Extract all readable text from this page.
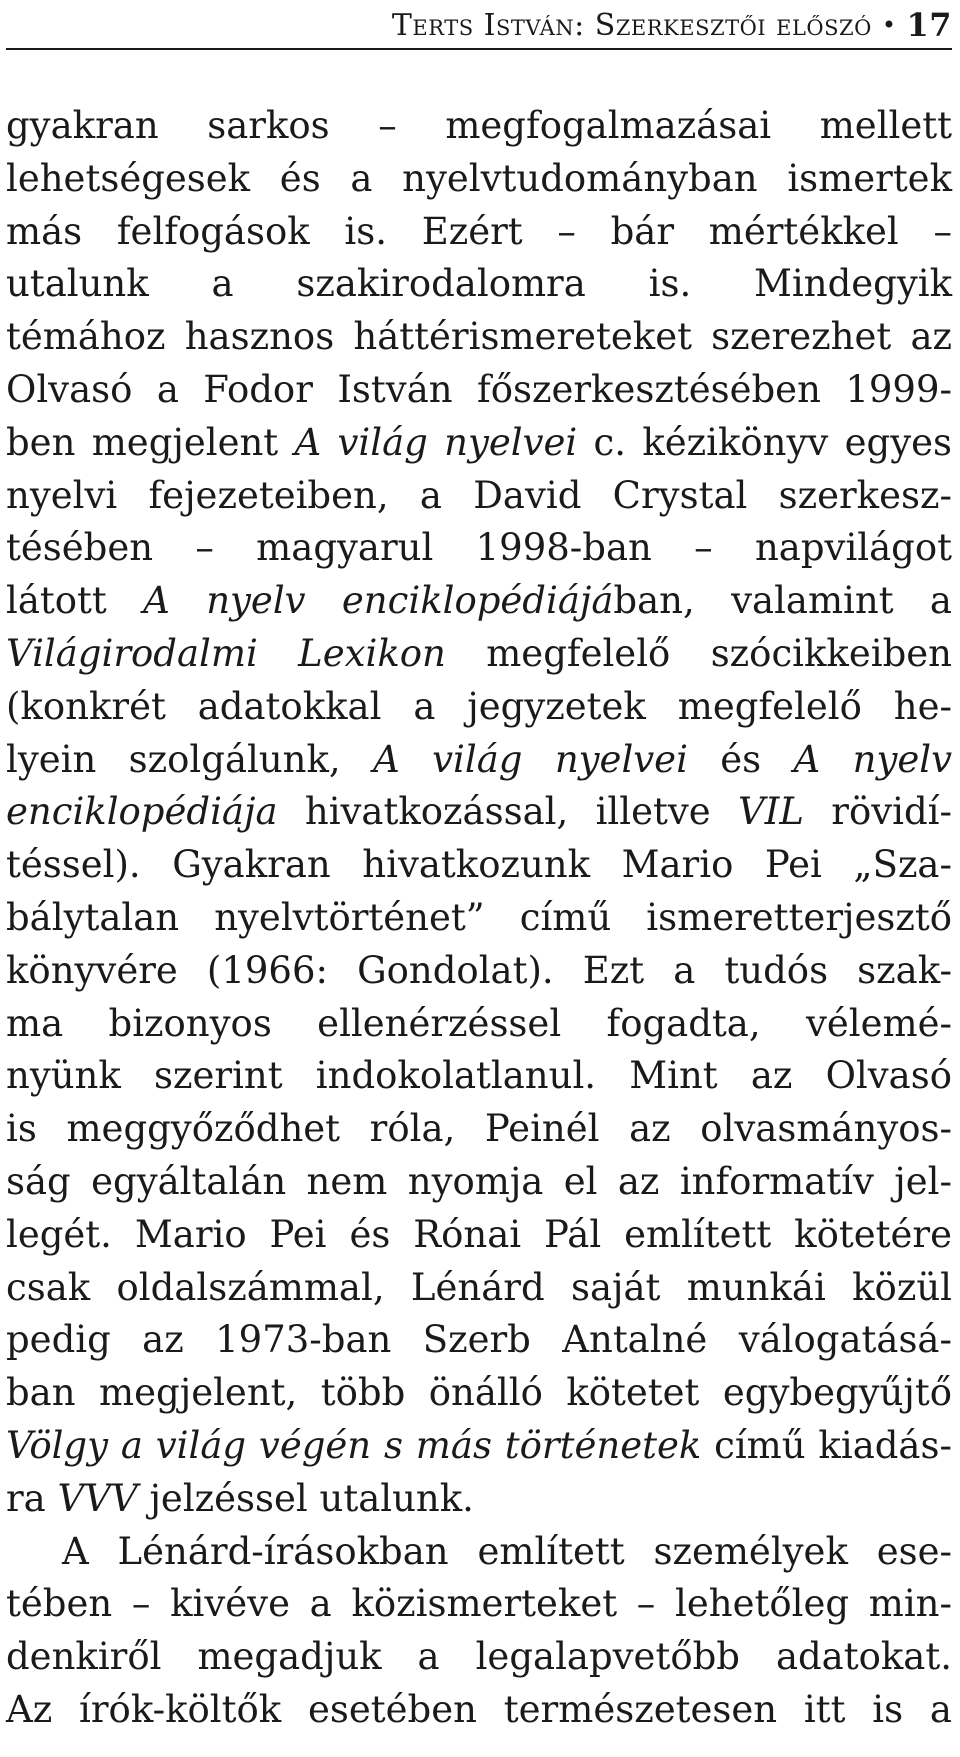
Terts István: Szerkesztői előszó • 17
gyakran sarkos – megfogalmazásai mellett
lehetségesek és a nyelvtudományban ismertek
más felfogások is. Ezért – bár mértékkel –
utalunk a szakirodalomra is. Mindegyik
témához hasznos háttérismereteket szerezhet az
Olvasó a Fodor István főszerkesztésében 1999-
ben megjelent A világ nyelvei c. kézikönyv egyes
nyelvi fejezeteiben, a David Crystal szerkesz-
tésében – magyarul 1998-ban – napvilágot
látott A nyelv enciklopédiájában, valamint a
Világirodalmi Lexikon megfelelő szócikkeiben
(konkrét adatokkal a jegyzetek megfelelő he-
lyein szolgálunk, A világ nyelvei és A nyelv
enciklopédiája hivatkozással, illetve VIL rövidí-
téssel). Gyakran hivatkozunk Mario Pei „Sza-
bálytalan nyelvtörténet” című ismeretterjesztő
könyvére (1966: Gondolat). Ezt a tudós szak-
ma bizonyos ellenérzéssel fogadta, vélemé-
nyünk szerint indokolatlanul. Mint az Olvasó
is meggyőződhet róla, Peinél az olvasmányos-
ság egyáltalán nem nyomja el az informatív jel-
legét. Mario Pei és Rónai Pál említett kötetére
csak oldalszámmal, Lénárd saját munkái közül
pedig az 1973-ban Szerb Antalné válogatásá-
ban megjelent, több önálló kötetet egybegyűjtő
Völgy a világ végén s más történetek című kiadás-
ra VVV jelzéssel utalunk.
A Lénárd-írásokban említett személyek ese-
tében – kivéve a közismerteket – lehetőleg min-
denkiről megadjuk a legalapvetőbb adatokat.
Az írók-költők esetében természetesen itt is a
